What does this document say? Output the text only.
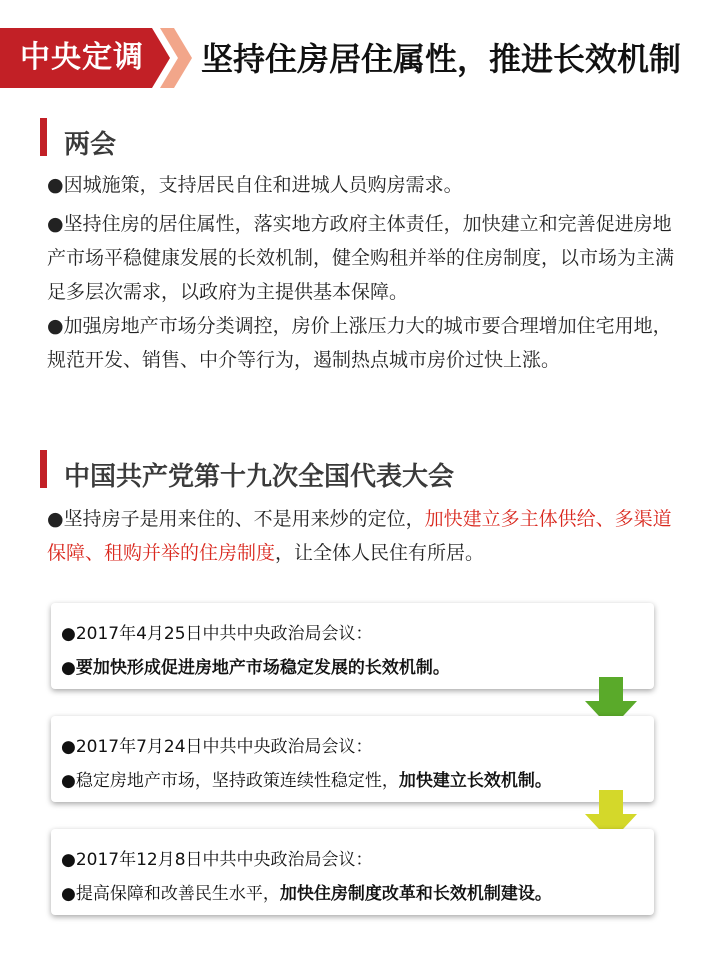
中央定调 坚持住房居住属性，推进长效机制
两会
●因城施策，支持居民自住和进城人员购房需求。
●坚持住房的居住属性，落实地方政府主体责任，加快建立和完善促进房地产市场平稳健康发展的长效机制，健全购租并举的住房制度，以市场为主满足多层次需求，以政府为主提供基本保障。
●加强房地产市场分类调控，房价上涨压力大的城市要合理增加住宅用地，规范开发、销售、中介等行为，遏制热点城市房价过快上涨。
中国共产党第十九次全国代表大会
●坚持房子是用来住的、不是用来炒的定位，加快建立多主体供给、多渠道保障、租购并举的住房制度，让全体人民住有所居。
●2017年4月25日中共中央政治局会议：
●要加快形成促进房地产市场稳定发展的长效机制。
●2017年7月24日中共中央政治局会议：
●稳定房地产市场，坚持政策连续性稳定性，加快建立长效机制。
●2017年12月8日中共中央政治局会议：
●提高保障和改善民生水平，加快住房制度改革和长效机制建设。
